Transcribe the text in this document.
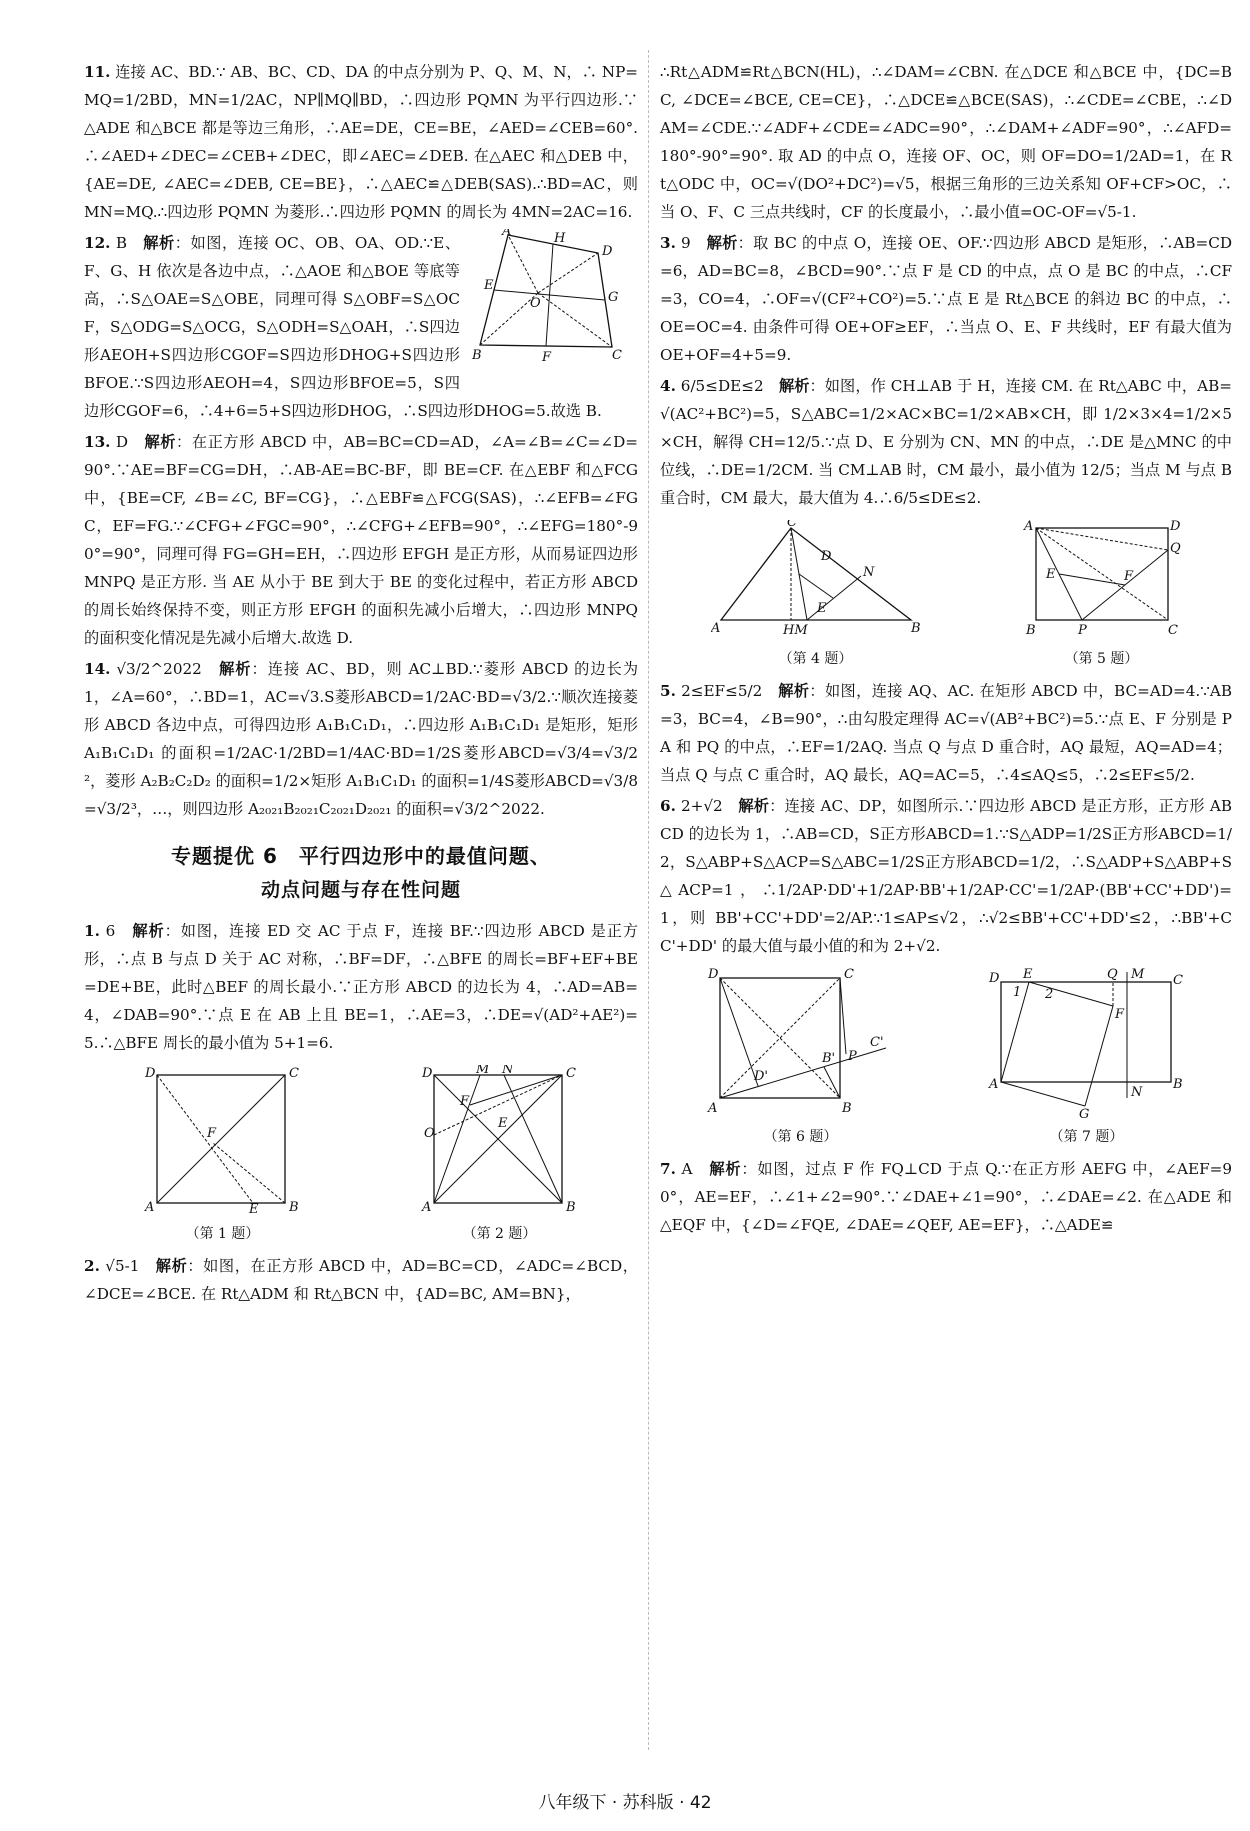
11. 连接 AC、BD.∵ AB、BC、CD、DA 的中点分别为 P、Q、M、N，∴ NP=MQ=1/2BD，MN=1/2AC，NP∥MQ∥BD，∴四边形 PQMN 为平行四边形.∵△ADE 和△BCE 都是等边三角形，∴AE=DE，CE=BE，∠AED=∠CEB=60°.∴∠AED+∠DEC=∠CEB+∠DEC，即∠AEC=∠DEB. 在△AEC 和△DEB 中，{AE=DE, ∠AEC=∠DEB, CE=BE}，∴△AEC≌△DEB(SAS).∴BD=AC，则 MN=MQ.∴四边形 PQMN 为菱形.∴四边形 PQMN 的周长为 4MN=2AC=16.

A	H
D
E
G
O
B	F	C

12. B　 解析：如图，连接 OC、OB、OA、OD.∵E、F、G、H 依次是各边中点，∴△AOE 和△BOE 等底等高，∴S△OAE=S△OBE，同理可得 S△OBF=S△OCF，S△ODG=S△OCG，S△ODH=S△OAH，∴S四边形AEOH+S四边形CGOF=S四边形DHOG+S四边形BFOE.∵S四边形AEOH=4，S四边形BFOE=5，S四边形CGOF=6，∴4+6=5+S四边形DHOG，∴S四边形DHOG=5.故选 B.

13. D　 解析：在正方形 ABCD 中，AB=BC=CD=AD，∠A=∠B=∠C=∠D=90°.∵AE=BF=CG=DH，∴AB-AE=BC-BF，即 BE=CF. 在△EBF 和△FCG 中，{BE=CF, ∠B=∠C, BF=CG}，∴△EBF≌△FCG(SAS)，∴∠EFB=∠FGC，EF=FG.∵∠CFG+∠FGC=90°，∴∠CFG+∠EFB=90°，∴∠EFG=180°-90°=90°，同理可得 FG=GH=EH，∴四边形 EFGH 是正方形，从而易证四边形 MNPQ 是正方形. 当 AE 从小于 BE 到大于 BE 的变化过程中，若正方形 ABCD 的周长始终保持不变，则正方形 EFGH 的面积先减小后增大，∴四边形 MNPQ 的面积变化情况是先减小后增大.故选 D.

14. √3/2^2022　 解析：连接 AC、BD，则 AC⊥BD.∵菱形 ABCD 的边长为 1，∠A=60°，∴BD=1，AC=√3.S菱形ABCD=1/2AC·BD=√3/2.∵顺次连接菱形 ABCD 各边中点，可得四边形 A₁B₁C₁D₁，∴四边形 A₁B₁C₁D₁ 是矩形，矩形 A₁B₁C₁D₁ 的面积=1/2AC·1/2BD=1/4AC·BD=1/2S菱形ABCD=√3/4=√3/2²，菱形 A₂B₂C₂D₂ 的面积=1/2×矩形 A₁B₁C₁D₁ 的面积=1/4S菱形ABCD=√3/8=√3/2³，…，则四边形 A₂₀₂₁B₂₀₂₁C₂₀₂₁D₂₀₂₁ 的面积=√3/2^2022.

专题提优 6　平行四边形中的最值问题、
动点问题与存在性问题

1. 6　 解析：如图，连接 ED 交 AC 于点 F，连接 BF.∵四边形 ABCD 是正方形，∴点 B 与点 D 关于 AC 对称，∴BF=DF，∴△BFE 的周长=BF+EF+BE=DE+BE，此时△BEF 的周长最小.∵正方形 ABCD 的边长为 4，∴AD=AB=4，∠DAB=90°.∵点 E 在 AB 上且 BE=1，∴AE=3，∴DE=√(AD²+AE²)=5.∴△BFE 周长的最小值为 5+1=6.

D	C
F
A	E B
（第 1 题）
D	M N	C
F
O
E
A	B
（第 2 题）

2. √5-1　 解析：如图，在正方形 ABCD 中，AD=BC=CD，∠ADC=∠BCD，∠DCE=∠BCE. 在 Rt△ADM 和 Rt△BCN 中，{AD=BC, AM=BN}，

∴Rt△ADM≌Rt△BCN(HL)，∴∠DAM=∠CBN. 在△DCE 和△BCE 中，{DC=BC, ∠DCE=∠BCE, CE=CE}，∴△DCE≌△BCE(SAS)，∴∠CDE=∠CBE，∴∠DAM=∠CDE.∵∠ADF+∠CDE=∠ADC=90°，∴∠DAM+∠ADF=90°，∴∠AFD=180°-90°=90°. 取 AD 的中点 O，连接 OF、OC，则 OF=DO=1/2AD=1，在 Rt△ODC 中，OC=√(DO²+DC²)=√5，根据三角形的三边关系知 OF+CF>OC，∴当 O、F、C 三点共线时，CF 的长度最小，∴最小值=OC-OF=√5-1.

3. 9　 解析：取 BC 的中点 O，连接 OE、OF.∵四边形 ABCD 是矩形，∴AB=CD=6，AD=BC=8，∠BCD=90°.∵点 F 是 CD 的中点，点 O 是 BC 的中点，∴CF=3，CO=4，∴OF=√(CF²+CO²)=5.∵点 E 是 Rt△BCE 的斜边 BC 的中点，∴OE=OC=4. 由条件可得 OE+OF≥EF，∴当点 O、E、F 共线时，EF 有最大值为 OE+OF=4+5=9.

4. 6/5≤DE≤2　 解析：如图，作 CH⊥AB 于 H，连接 CM. 在 Rt△ABC 中，AB=√(AC²+BC²)=5，S△ABC=1/2×AC×BC=1/2×AB×CH，即 1/2×3×4=1/2×5×CH，解得 CH=12/5.∵点 D、E 分别为 CN、MN 的中点，∴DE 是△MNC 的中位线，∴DE=1/2CM. 当 CM⊥AB 时，CM 最小，最小值为 12/5；当点 M 与点 B 重合时，CM 最大，最大值为 4.∴6/5≤DE≤2.

C
D
N
E
A	HM	B
（第 4 题）
A	D
Q
E	F
B	P	C
（第 5 题）

5. 2≤EF≤5/2　 解析：如图，连接 AQ、AC. 在矩形 ABCD 中，BC=AD=4.∵AB=3，BC=4，∠B=90°，∴由勾股定理得 AC=√(AB²+BC²)=5.∵点 E、F 分别是 PA 和 PQ 的中点，∴EF=1/2AQ. 当点 Q 与点 D 重合时，AQ 最短，AQ=AD=4；当点 Q 与点 C 重合时，AQ 最长，AQ=AC=5，∴4≤AQ≤5，∴2≤EF≤5/2.

6. 2+√2　 解析：连接 AC、DP，如图所示.∵四边形 ABCD 是正方形，正方形 ABCD 的边长为 1，∴AB=CD，S正方形ABCD=1.∵S△ADP=1/2S正方形ABCD=1/2，S△ABP+S△ACP=S△ABC=1/2S正方形ABCD=1/2，∴S△ADP+S△ABP+S△ACP=1，∴1/2AP·DD'+1/2AP·BB'+1/2AP·CC'=1/2AP·(BB'+CC'+DD')=1，则 BB'+CC'+DD'=2/AP.∵1≤AP≤√2，∴√2≤BB'+CC'+DD'≤2，∴BB'+CC'+DD' 的最大值与最小值的和为 2+√2.

D	C
D'
B' P
C'
A	B
（第 6 题）
D E
1 2
Q M C
F
A
N
B
G
（第 7 题）

7. A　 解析：如图，过点 F 作 FQ⊥CD 于点 Q.∵在正方形 AEFG 中，∠AEF=90°，AE=EF，∴∠1+∠2=90°.∵∠DAE+∠1=90°，∴∠DAE=∠2. 在△ADE 和△EQF 中，{∠D=∠FQE, ∠DAE=∠QEF, AE=EF}，∴△ADE≌

八年级下 · 苏科版 · 42
